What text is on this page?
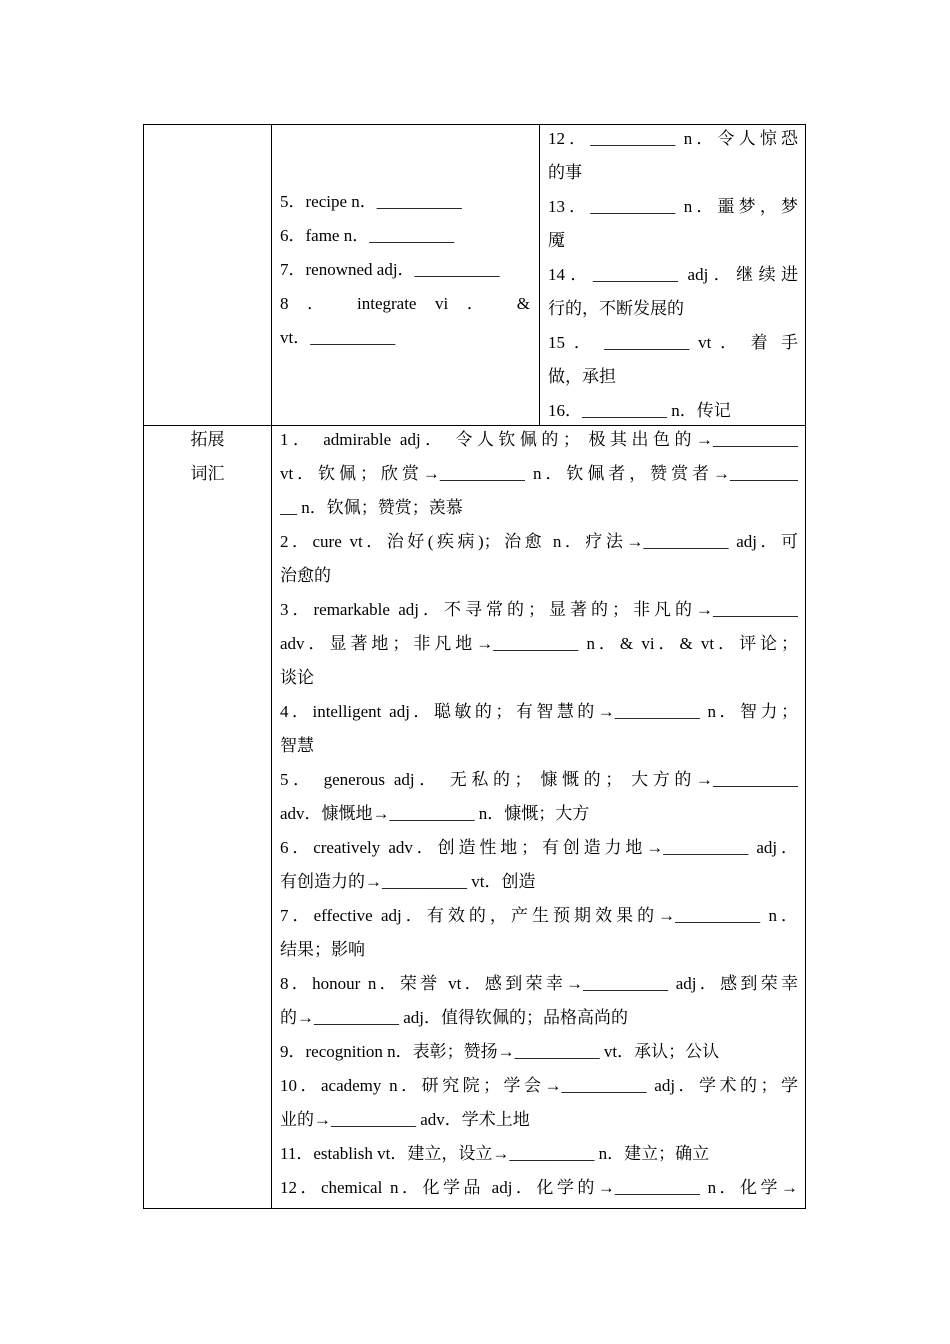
5．recipe n．__________
6．fame n．__________
7．renowned adj．__________
8 ． integrate vi ． &
vt．__________
12．__________ n．令人惊恐
的事
13．__________ n．噩梦，梦
魇
14．__________ adj．继续进
行的，不断发展的
15 ． __________ vt ． 着 手
做，承担
16．__________ n．传记
拓展
词汇
1． admirable adj． 令人钦佩的； 极其出色的→__________
vt．钦佩；欣赏→__________ n．钦佩者，赞赏者→________
__ n．钦佩；赞赏；羡慕
2．cure vt．治好(疾病)；治愈 n．疗法→__________ adj．可
治愈的
3．remarkable adj．不寻常的；显著的；非凡的→__________
adv．显著地；非凡地→__________ n．& vi．& vt．评论；
谈论
4．intelligent adj．聪敏的；有智慧的→__________ n．智力；
智慧
5． generous adj． 无私的； 慷慨的； 大方的→__________
adv．慷慨地→__________ n．慷慨；大方
6．creatively adv．创造性地；有创造力地→__________ adj．
有创造力的→__________ vt．创造
7．effective adj．有效的，产生预期效果的→__________ n．
结果；影响
8．honour n．荣誉 vt．感到荣幸→__________ adj．感到荣幸
的→__________ adj．值得钦佩的；品格高尚的
9．recognition n．表彰；赞扬→__________ vt．承认；公认
10．academy n．研究院；学会→__________ adj．学术的；学
业的→__________ adv．学术上地
11．establish vt．建立，设立→__________ n．建立；确立
12．chemical n．化学品 adj．化学的→__________ n．化学→
